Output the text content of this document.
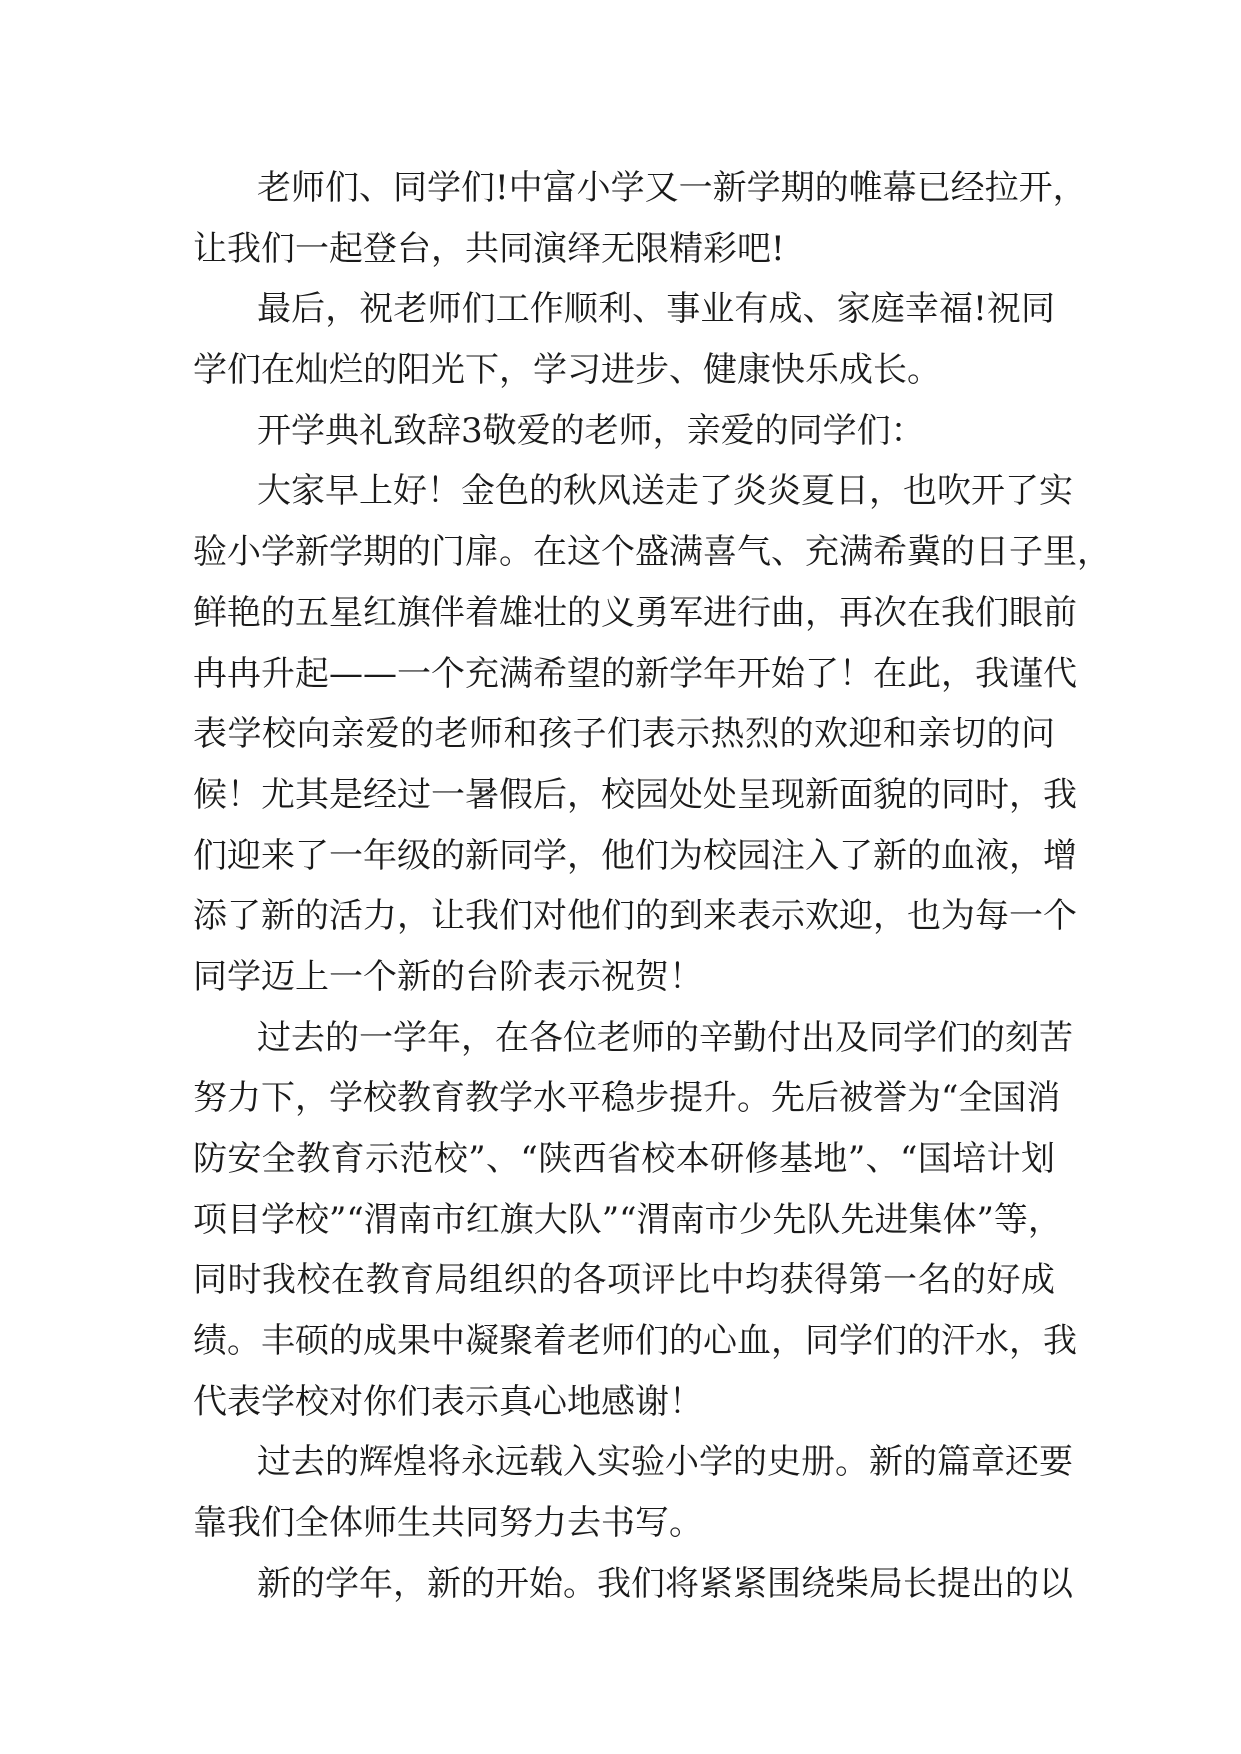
老师们、同学们!中富小学又一新学期的帷幕已经拉开，
让我们一起登台，共同演绎无限精彩吧!
最后，祝老师们工作顺利、事业有成、家庭幸福!祝同
学们在灿烂的阳光下，学习进步、健康快乐成长。
开学典礼致辞3敬爱的老师，亲爱的同学们：
大家早上好！金色的秋风送走了炎炎夏日，也吹开了实
验小学新学期的门扉。在这个盛满喜气、充满希冀的日子里，
鲜艳的五星红旗伴着雄壮的义勇军进行曲，再次在我们眼前
冉冉升起——一个充满希望的新学年开始了！在此，我谨代
表学校向亲爱的老师和孩子们表示热烈的欢迎和亲切的问
候！尤其是经过一暑假后，校园处处呈现新面貌的同时，我
们迎来了一年级的新同学，他们为校园注入了新的血液，增
添了新的活力，让我们对他们的到来表示欢迎，也为每一个
同学迈上一个新的台阶表示祝贺！
过去的一学年，在各位老师的辛勤付出及同学们的刻苦
努力下，学校教育教学水平稳步提升。先后被誉为“全国消
防安全教育示范校”、“陕西省校本研修基地”、“国培计划
项目学校”“渭南市红旗大队”“渭南市少先队先进集体”等，
同时我校在教育局组织的各项评比中均获得第一名的好成
绩。丰硕的成果中凝聚着老师们的心血，同学们的汗水，我
代表学校对你们表示真心地感谢！
过去的辉煌将永远载入实验小学的史册。新的篇章还要
靠我们全体师生共同努力去书写。
新的学年，新的开始。我们将紧紧围绕柴局长提出的以
